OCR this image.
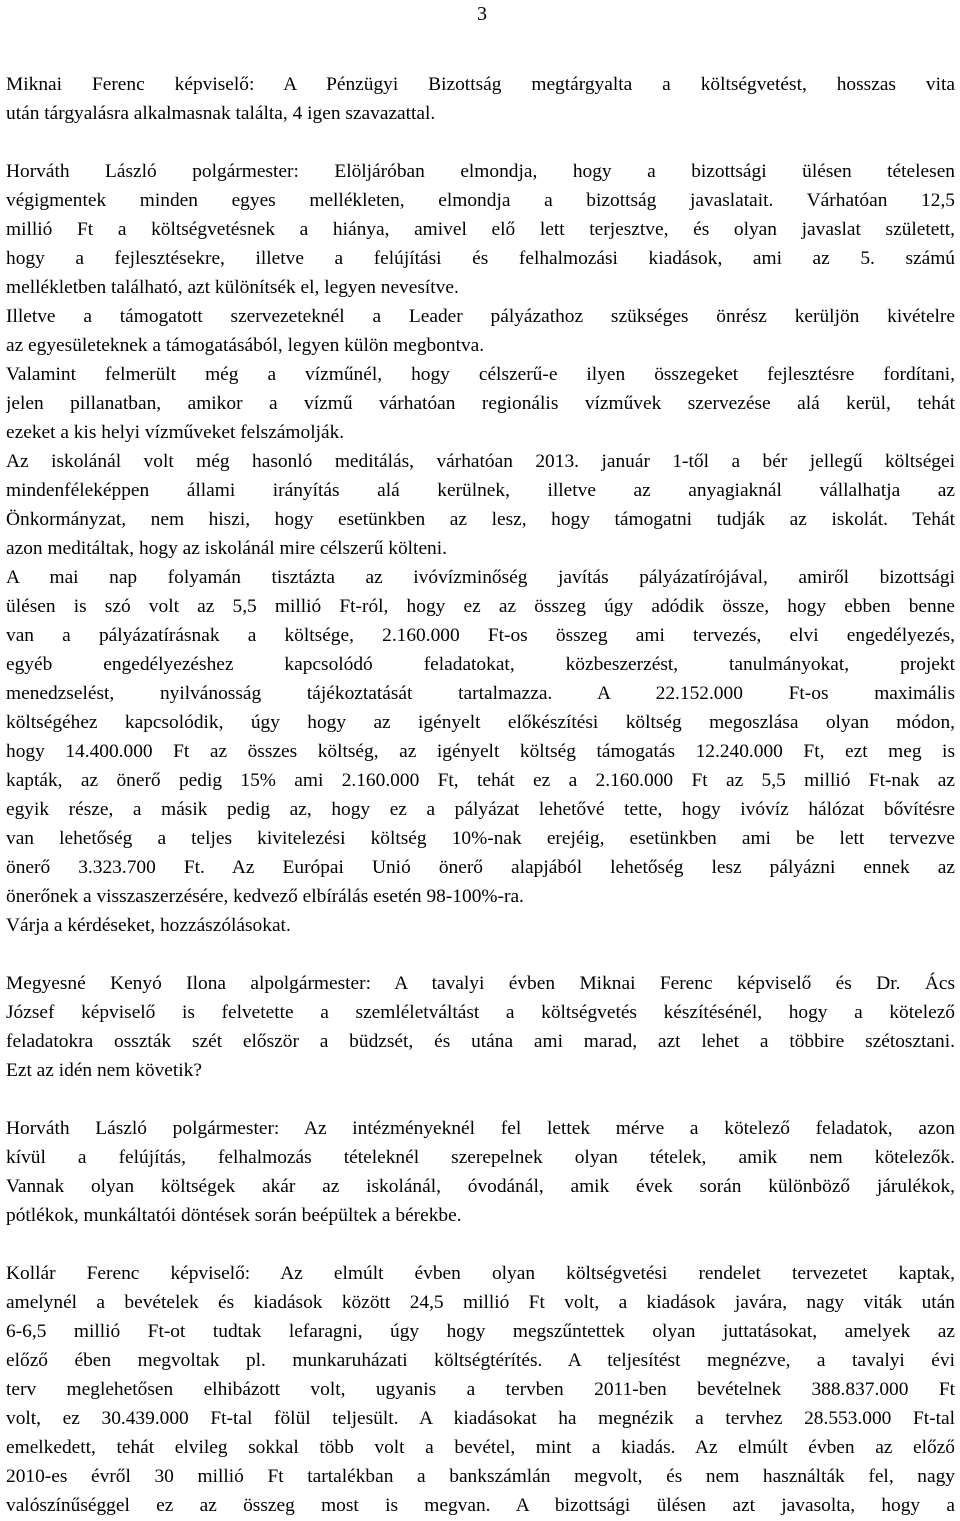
3

Miknai Ferenc képviselő: A Pénzügyi Bizottság megtárgyalta a költségvetést, hosszas vita
után tárgyalásra alkalmasnak találta, 4 igen szavazattal.

Horváth László polgármester: Elöljáróban elmondja, hogy a bizottsági ülésen tételesen
végigmentek minden egyes mellékleten, elmondja a bizottság javaslatait. Várhatóan 12,5
millió Ft a költségvetésnek a hiánya, amivel elő lett terjesztve, és olyan javaslat született,
hogy a fejlesztésekre, illetve a felújítási és felhalmozási kiadások, ami az 5. számú
mellékletben található, azt különítsék el, legyen nevesítve.
Illetve a támogatott szervezeteknél a Leader pályázathoz szükséges önrész kerüljön kivételre
az egyesületeknek a támogatásából, legyen külön megbontva.
Valamint felmerült még a vízműnél, hogy célszerű-e ilyen összegeket fejlesztésre fordítani,
jelen pillanatban, amikor a vízmű várhatóan regionális vízművek szervezése alá kerül, tehát
ezeket a kis helyi vízműveket felszámolják.
Az iskolánál volt még hasonló meditálás, várhatóan 2013. január 1-től a bér jellegű költségei
mindenféleképpen állami irányítás alá kerülnek, illetve az anyagiaknál vállalhatja az
Önkormányzat, nem hiszi, hogy esetünkben az lesz, hogy támogatni tudják az iskolát. Tehát
azon meditáltak, hogy az iskolánál mire célszerű költeni.
A mai nap folyamán tisztázta az ivóvízminőség javítás pályázatírójával, amiről bizottsági
ülésen is szó volt az 5,5 millió Ft-ról, hogy ez az összeg úgy adódik össze, hogy ebben benne
van a pályázatírásnak a költsége, 2.160.000 Ft-os összeg ami tervezés, elvi engedélyezés,
egyéb engedélyezéshez kapcsolódó feladatokat, közbeszerzést, tanulmányokat, projekt
menedzselést, nyilvánosság tájékoztatását tartalmazza. A 22.152.000 Ft-os maximális
költségéhez kapcsolódik, úgy hogy az igényelt előkészítési költség megoszlása olyan módon,
hogy 14.400.000 Ft az összes költség, az igényelt költség támogatás 12.240.000 Ft, ezt meg is
kapták, az önerő pedig 15% ami 2.160.000 Ft, tehát ez a 2.160.000 Ft az 5,5 millió Ft-nak az
egyik része, a másik pedig az, hogy ez a pályázat lehetővé tette, hogy ivóvíz hálózat bővítésre
van lehetőség a teljes kivitelezési költség 10%-nak erejéig, esetünkben ami be lett tervezve
önerő 3.323.700 Ft. Az Európai Unió önerő alapjából lehetőség lesz pályázni ennek az
önerőnek a visszaszerzésére, kedvező elbírálás esetén 98-100%-ra.
Várja a kérdéseket, hozzászólásokat.

Megyesné Kenyó Ilona alpolgármester: A tavalyi évben Miknai Ferenc képviselő és Dr. Ács
József képviselő is felvetette a szemléletváltást a költségvetés készítésénél, hogy a kötelező
feladatokra osszták szét először a büdzsét, és utána ami marad, azt lehet a többire szétosztani.
Ezt az idén nem követik?

Horváth László polgármester: Az intézményeknél fel lettek mérve a kötelező feladatok, azon
kívül a felújítás, felhalmozás tételeknél szerepelnek olyan tételek, amik nem kötelezők.
Vannak olyan költségek akár az iskolánál, óvodánál, amik évek során különböző járulékok,
pótlékok, munkáltatói döntések során beépültek a bérekbe.

Kollár Ferenc képviselő: Az elmúlt évben olyan költségvetési rendelet tervezetet kaptak,
amelynél a bevételek és kiadások között 24,5 millió Ft volt, a kiadások javára, nagy viták után
6-6,5 millió Ft-ot tudtak lefaragni, úgy hogy megszűntettek olyan juttatásokat, amelyek az
előző ében megvoltak pl. munkaruházati költségtérítés. A teljesítést megnézve, a tavalyi évi
terv meglehetősen elhibázott volt, ugyanis a tervben 2011-ben bevételnek 388.837.000 Ft
volt, ez 30.439.000 Ft-tal fölül teljesült. A kiadásokat ha megnézik a tervhez 28.553.000 Ft-tal
emelkedett, tehát elvileg sokkal több volt a bevétel, mint a kiadás. Az elmúlt évben az előző
2010-es évről 30 millió Ft tartalékban a bankszámlán megvolt, és nem használták fel, nagy
valószínűséggel ez az összeg most is megvan. A bizottsági ülésen azt javasolta, hogy a
